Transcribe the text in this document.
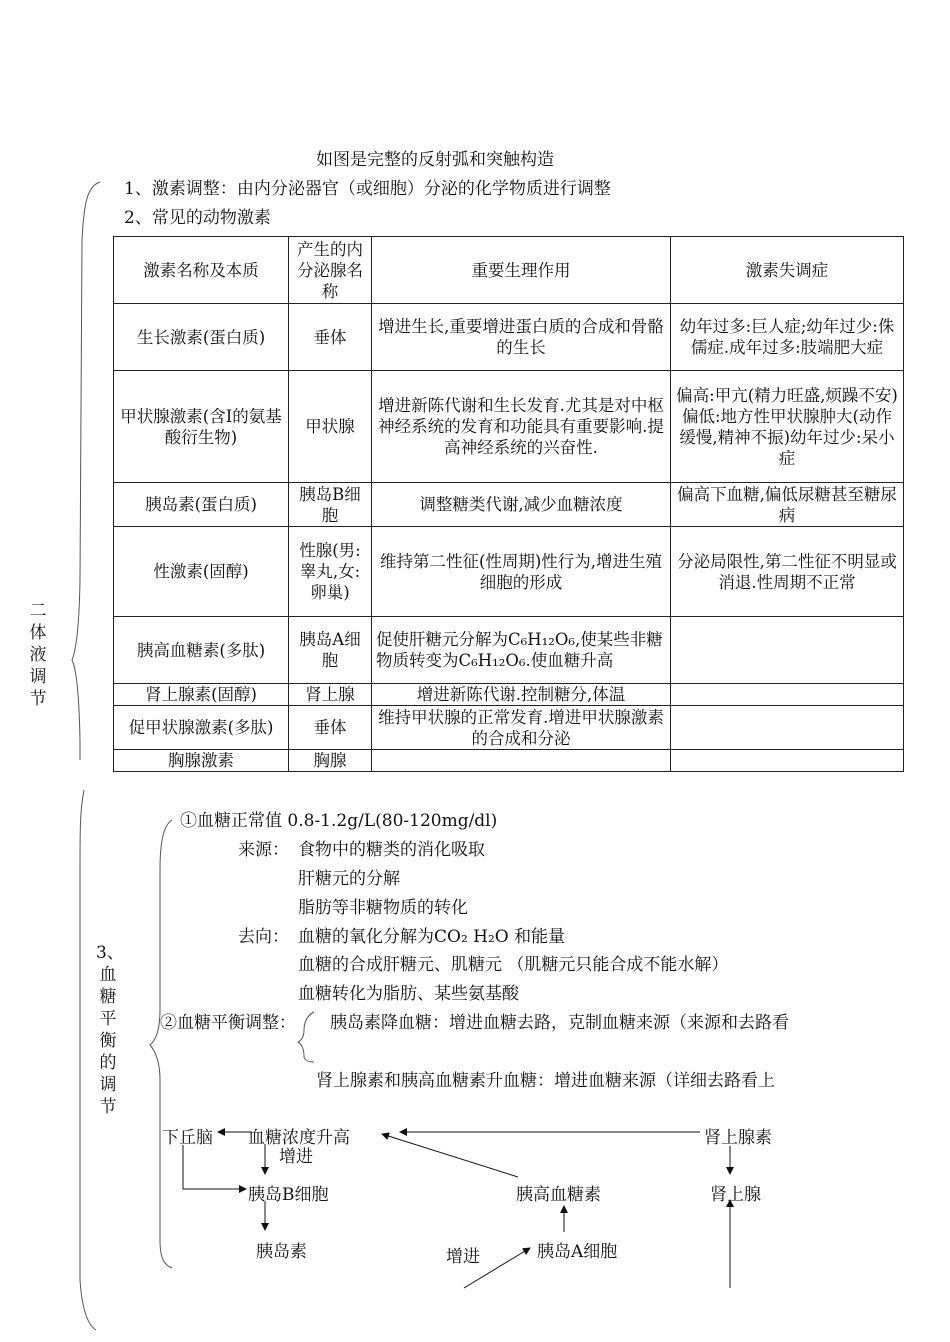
如图是完整的反射弧和突触构造
1、激素调整：由内分泌器官（或细胞）分泌的化学物质进行调整
2、常见的动物激素
激素名称及本质	产生的内分泌腺名称	重要生理作用	激素失调症
生长激素(蛋白质)	垂体	增进生长,重要增进蛋白质的合成和骨骼的生长	幼年过多:巨人症;幼年过少:侏儒症.成年过多:肢端肥大症
甲状腺激素(含I的氨基酸衍生物)	甲状腺	增进新陈代谢和生长发育.尤其是对中枢神经系统的发育和功能具有重要影响.提高神经系统的兴奋性.	偏高:甲亢(精力旺盛,烦躁不安)偏低:地方性甲状腺肿大(动作缓慢,精神不振)幼年过少:呆小症
胰岛素(蛋白质)	胰岛B细胞	调整糖类代谢,减少血糖浓度	偏高下血糖,偏低尿糖甚至糖尿病
性激素(固醇)	性腺(男:睾丸,女:卵巢)	维持第二性征(性周期)性行为,增进生殖细胞的形成	分泌局限性,第二性征不明显或消退.性周期不正常
胰高血糖素(多肽)	胰岛A细胞	促使肝糖元分解为C₆H₁₂O₆,使某些非糖物质转变为C₆H₁₂O₆.使血糖升高	
肾上腺素(固醇)	肾上腺	增进新陈代谢.控制糖分,体温	
促甲状腺激素(多肽)	垂体	维持甲状腺的正常发育.增进甲状腺激素的合成和分泌	
胸腺激素	胸腺		
二体液调节
3、血糖平衡的调节
①血糖正常值 0.8-1.2g/L(80-120mg/dl)
来源： 食物中的糖类的消化吸取
肝糖元的分解
脂肪等非糖物质的转化
去向： 血糖的氧化分解为CO₂ H₂O 和能量
血糖的合成肝糖元、肌糖元 （肌糖元只能合成不能水解）
血糖转化为脂肪、某些氨基酸
②血糖平衡调整： 胰岛素降血糖：增进血糖去路，克制血糖来源（来源和去路看
肾上腺素和胰高血糖素升血糖：增进血糖来源（详细去路看上
下丘脑 血糖浓度升高
增进
胰岛B细胞
胰岛素
胰高血糖素
肾上腺素
肾上腺
增进	胰岛A细胞
